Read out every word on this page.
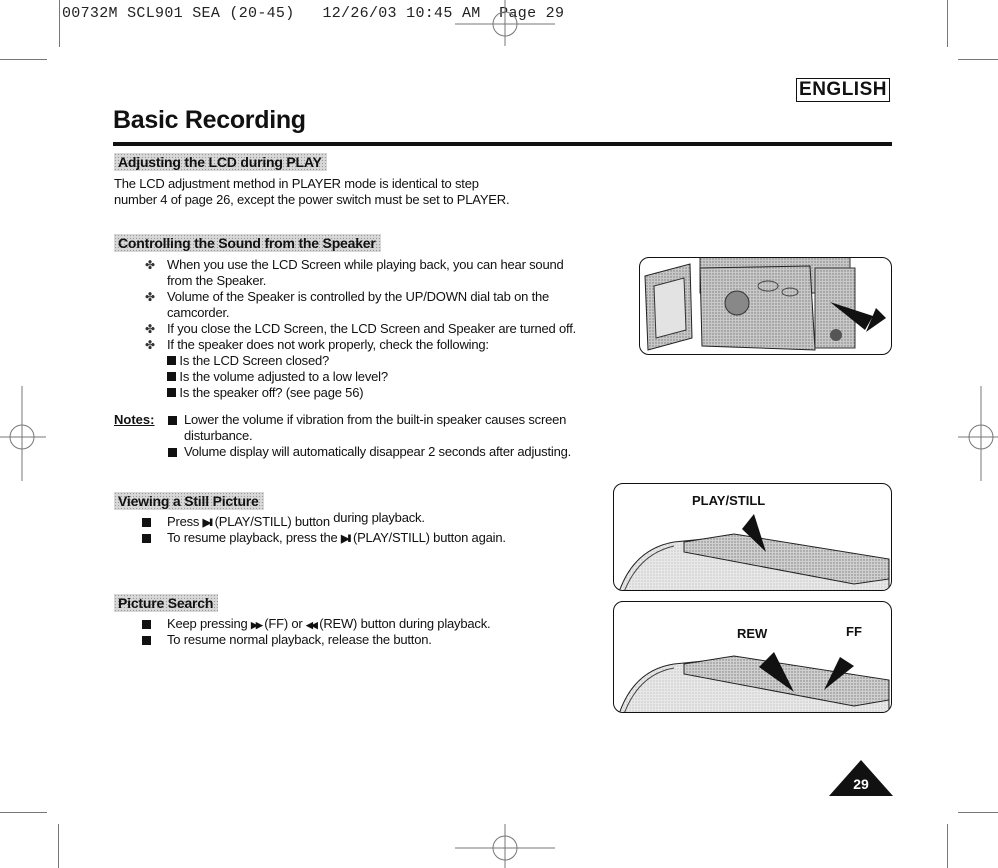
00732M SCL901 SEA (20-45)   12/26/03 10:45 AM  Page 29
ENGLISH
Basic Recording
Adjusting the LCD during PLAY
The LCD adjustment method in PLAYER mode is identical to step
number 4 of page 26, except the power switch must be set to PLAYER.
Controlling the Sound from the Speaker
✤ When you use the LCD Screen while playing back, you can hear sound
from the Speaker.
✤ Volume of the Speaker is controlled by the UP/DOWN dial tab on the
camcorder.
✤ If you close the LCD Screen, the LCD Screen and Speaker are turned off.
✤ If the speaker does not work properly, check the following:
Is the LCD Screen closed?
Is the volume adjusted to a low level?
Is the speaker off? (see page 56)
Notes: Lower the volume if vibration from the built-in speaker causes screen
disturbance.
Volume display will automatically disappear 2 seconds after adjusting.
Viewing a Still Picture
Press ▶II (PLAY/STILL) button during playback.
To resume playback, press the ▶II (PLAY/STILL) button again.
Picture Search
Keep pressing ▶▶ (FF) or ◀◀ (REW) button during playback.
To resume normal playback, release the button.
PLAY/STILL
REW	FF
29
